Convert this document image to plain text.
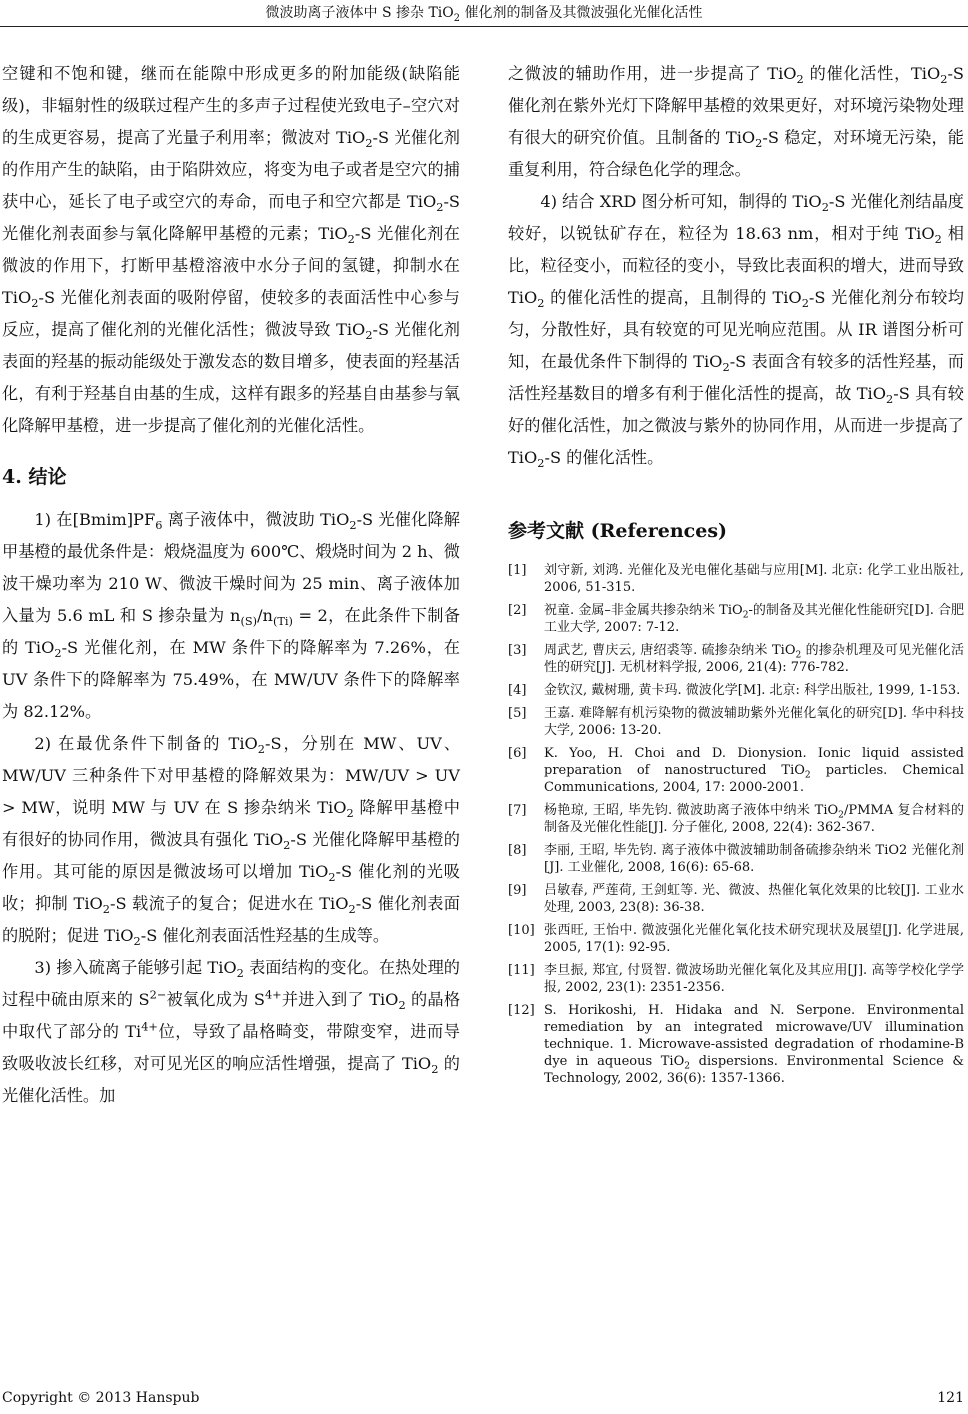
微波助离子液体中 S 掺杂 TiO$_2$ 催化剂的制备及其微波强化光催化活性

空键和不饱和键，继而在能隙中形成更多的附加能级(缺陷能级)，非辐射性的级联过程产生的多声子过程使光致电子–空穴对的生成更容易，提高了光量子利用率；微波对 TiO$_2$-S 光催化剂的作用产生的缺陷，由于陷阱效应，将变为电子或者是空穴的捕获中心，延长了电子或空穴的寿命，而电子和空穴都是 TiO$_2$-S 光催化剂表面参与氧化降解甲基橙的元素；TiO$_2$-S 光催化剂在微波的作用下，打断甲基橙溶液中水分子间的氢键，抑制水在 TiO$_2$-S 光催化剂表面的吸附停留，使较多的表面活性中心参与反应，提高了催化剂的光催化活性；微波导致 TiO$_2$-S 光催化剂表面的羟基的振动能级处于激发态的数目增多，使表面的羟基活化，有利于羟基自由基的生成，这样有跟多的羟基自由基参与氧化降解甲基橙，进一步提高了催化剂的光催化活性。

4. 结论

1) 在$[Bmim]PF_6$ 离子液体中，微波助 TiO$_2$-S 光催化降解甲基橙的最优条件是：煅烧温度为 600℃、煅烧时间为 2 h、微波干燥功率为 210 W、微波干燥时间为 25 min、离子液体加入量为 5.6 mL 和 S 掺杂量为 $n_{(S)}/n_{(Ti)} = 2$，在此条件下制备的 TiO$_2$-S 光催化剂，在 MW 条件下的降解率为 7.26%，在 UV 条件下的降解率为 75.49%，在 MW/UV 条件下的降解率为 82.12%。

2) 在最优条件下制备的 TiO$_2$-S，分别在 MW、UV、MW/UV 三种条件下对甲基橙的降解效果为：MW/UV > UV > MW，说明 MW 与 UV 在 S 掺杂纳米 TiO$_2$ 降解甲基橙中有很好的协同作用，微波具有强化 TiO$_2$-S 光催化降解甲基橙的作用。其可能的原因是微波场可以增加 TiO$_2$-S 催化剂的光吸收；抑制 TiO$_2$-S 载流子的复合；促进水在 TiO$_2$-S 催化剂表面的脱附；促进 TiO$_2$-S 催化剂表面活性羟基的生成等。

3) 掺入硫离子能够引起 TiO$_2$ 表面结构的变化。在热处理的过程中硫由原来的 $S^{2-}$被氧化成为 $S^{4+}$并进入到了 TiO$_2$ 的晶格中取代了部分的 $Ti^{4+}$位，导致了晶格畸变，带隙变窄，进而导致吸收波长红移，对可见光区的响应活性增强，提高了 TiO$_2$ 的光催化活性。加

之微波的辅助作用，进一步提高了 TiO$_2$ 的催化活性，TiO$_2$-S 催化剂在紫外光灯下降解甲基橙的效果更好，对环境污染物处理有很大的研究价值。且制备的 TiO$_2$-S 稳定，对环境无污染，能重复利用，符合绿色化学的理念。

4) 结合 XRD 图分析可知，制得的 TiO$_2$-S 光催化剂结晶度较好，以锐钛矿存在，粒径为 18.63 nm，相对于纯 TiO$_2$ 相比，粒径变小，而粒径的变小，导致比表面积的增大，进而导致 TiO$_2$ 的催化活性的提高，且制得的 TiO$_2$-S 光催化剂分布较均匀，分散性好，具有较宽的可见光响应范围。从 IR 谱图分析可知，在最优条件下制得的 TiO$_2$-S 表面含有较多的活性羟基，而活性羟基数目的增多有利于催化活性的提高，故 TiO$_2$-S 具有较好的催化活性，加之微波与紫外的协同作用，从而进一步提高了 TiO$_2$-S 的催化活性。

参考文献 (References)
[1]	刘守新, 刘鸿. 光催化及光电催化基础与应用[M]. 北京: 化学工业出版社, 2006, 51-315.
[2]	祝童. 金属–非金属共掺杂纳米 TiO$_2$-的制备及其光催化性能研究[D]. 合肥工业大学, 2007: 7-12.
[3]	周武艺, 曹庆云, 唐绍裘等. 硫掺杂纳米 TiO$_2$ 的掺杂机理及可见光催化活性的研究[J]. 无机材料学报, 2006, 21(4): 776-782.
[4]	金钦汉, 戴树珊, 黄卡玛. 微波化学[M]. 北京: 科学出版社, 1999, 1-153.
[5]	王嘉. 难降解有机污染物的微波辅助紫外光催化氧化的研究[D]. 华中科技大学, 2006: 13-20.
[6]	K. Yoo, H. Choi and D. Dionysion. Ionic liquid assisted preparation of nanostructured TiO$_2$ particles. Chemical Communications, 2004, 17: 2000-2001.
[7]	杨艳琼, 王昭, 毕先钧. 微波助离子液体中纳米 TiO$_2$/PMMA 复合材料的制备及光催化性能[J]. 分子催化, 2008, 22(4): 362-367.
[8]	李丽, 王昭, 毕先钧. 离子液体中微波辅助制备硫掺杂纳米 TiO2 光催化剂[J]. 工业催化, 2008, 16(6): 65-68.
[9]	吕敏春, 严莲荷, 王剑虹等. 光、微波、热催化氧化效果的比较[J]. 工业水处理, 2003, 23(8): 36-38.
[10] 张西旺, 王怡中. 微波强化光催化氧化技术研究现状及展望[J]. 化学进展, 2005, 17(1): 92-95.
[11] 李旦振, 郑宜, 付贤智. 微波场助光催化氧化及其应用[J]. 高等学校化学学报, 2002, 23(1): 2351-2356.
[12] S. Horikoshi, H. Hidaka and N. Serpone. Environmental remediation by an integrated microwave/UV illumination technique. 1. Microwave-assisted degradation of rhodamine-B dye in aqueous TiO$_2$ dispersions. Environmental Science & Technology, 2002, 36(6): 1357-1366.
Copyright © 2013 Hanspub	121
